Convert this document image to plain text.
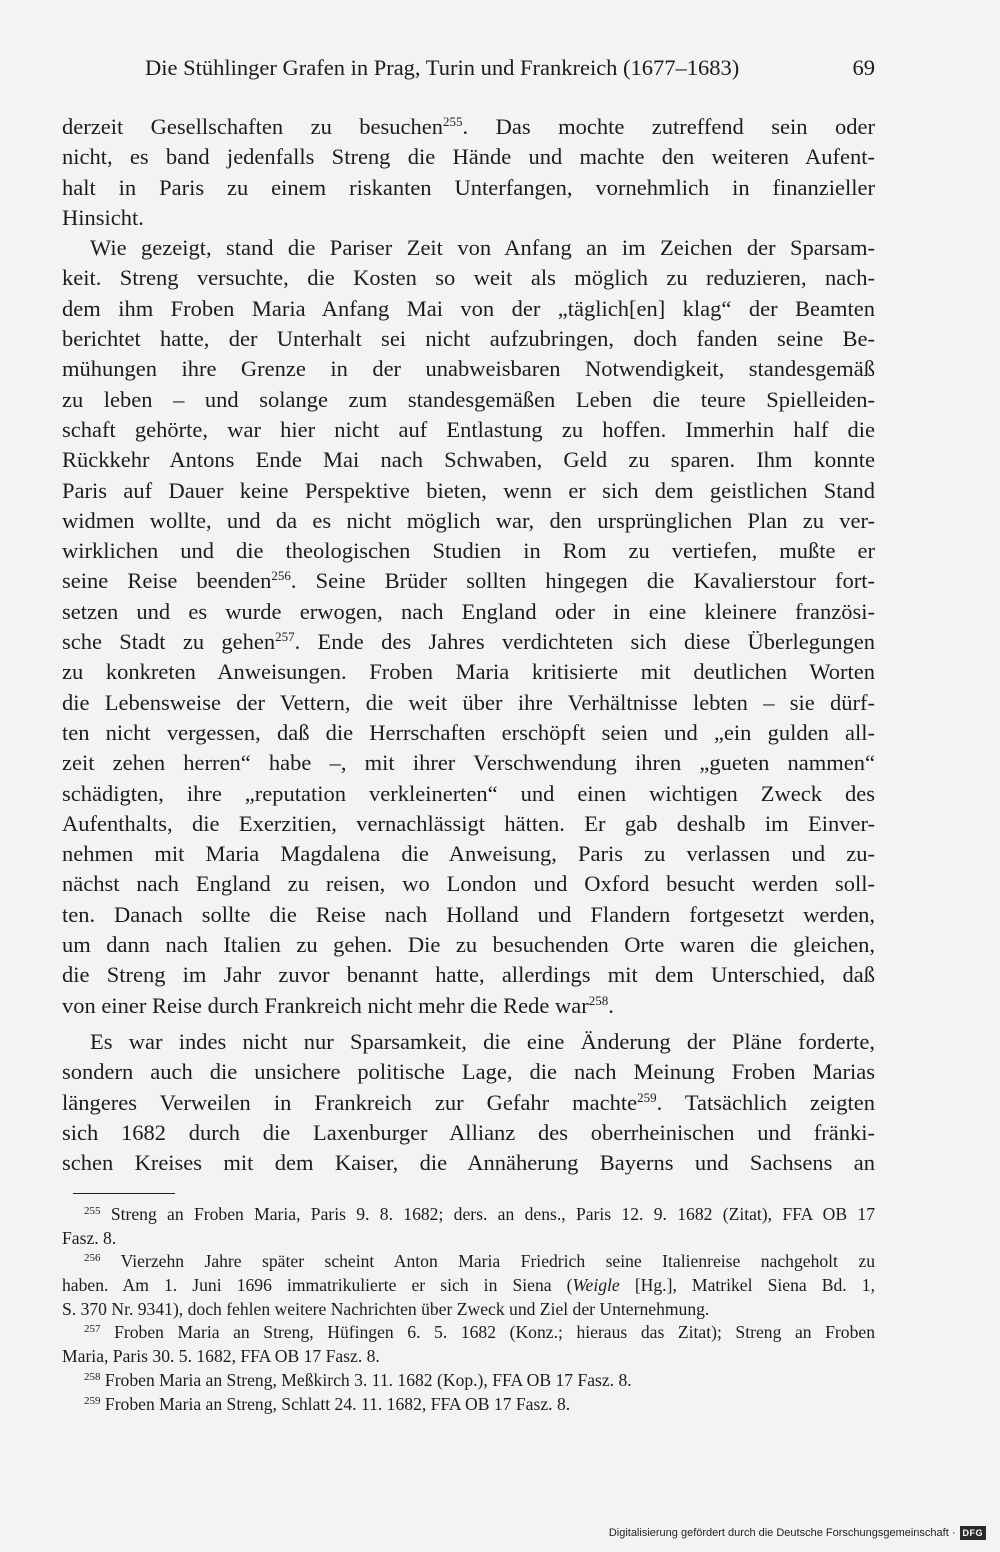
Die Stühlinger Grafen in Prag, Turin und Frankreich (1677–1683)	69
derzeit Gesellschaften zu besuchen$^{255}$. Das mochte zutreffend sein oder
nicht, es band jedenfalls Streng die Hände und machte den weiteren Aufent-
halt in Paris zu einem riskanten Unterfangen, vornehmlich in finanzieller
Hinsicht.
Wie gezeigt, stand die Pariser Zeit von Anfang an im Zeichen der Sparsam-
keit. Streng versuchte, die Kosten so weit als möglich zu reduzieren, nach-
dem ihm Froben Maria Anfang Mai von der „täglich[en] klag“ der Beamten
berichtet hatte, der Unterhalt sei nicht aufzubringen, doch fanden seine Be-
mühungen ihre Grenze in der unabweisbaren Notwendigkeit, standesgemäß
zu leben – und solange zum standesgemäßen Leben die teure Spielleiden-
schaft gehörte, war hier nicht auf Entlastung zu hoffen. Immerhin half die
Rückkehr Antons Ende Mai nach Schwaben, Geld zu sparen. Ihm konnte
Paris auf Dauer keine Perspektive bieten, wenn er sich dem geistlichen Stand
widmen wollte, und da es nicht möglich war, den ursprünglichen Plan zu ver-
wirklichen und die theologischen Studien in Rom zu vertiefen, mußte er
seine Reise beenden$^{256}$. Seine Brüder sollten hingegen die Kavalierstour fort-
setzen und es wurde erwogen, nach England oder in eine kleinere französi-
sche Stadt zu gehen$^{257}$. Ende des Jahres verdichteten sich diese Überlegungen
zu konkreten Anweisungen. Froben Maria kritisierte mit deutlichen Worten
die Lebensweise der Vettern, die weit über ihre Verhältnisse lebten – sie dürf-
ten nicht vergessen, daß die Herrschaften erschöpft seien und „ein gulden all-
zeit zehen herren“ habe –, mit ihrer Verschwendung ihren „gueten nammen“
schädigten, ihre „reputation verkleinerten“ und einen wichtigen Zweck des
Aufenthalts, die Exerzitien, vernachlässigt hätten. Er gab deshalb im Einver-
nehmen mit Maria Magdalena die Anweisung, Paris zu verlassen und zu-
nächst nach England zu reisen, wo London und Oxford besucht werden soll-
ten. Danach sollte die Reise nach Holland und Flandern fortgesetzt werden,
um dann nach Italien zu gehen. Die zu besuchenden Orte waren die gleichen,
die Streng im Jahr zuvor benannt hatte, allerdings mit dem Unterschied, daß
von einer Reise durch Frankreich nicht mehr die Rede war$^{258}$.
Es war indes nicht nur Sparsamkeit, die eine Änderung der Pläne forderte,
sondern auch die unsichere politische Lage, die nach Meinung Froben Marias
längeres Verweilen in Frankreich zur Gefahr machte$^{259}$. Tatsächlich zeigten
sich 1682 durch die Laxenburger Allianz des oberrheinischen und fränki-
schen Kreises mit dem Kaiser, die Annäherung Bayerns und Sachsens an
$^{255}$ Streng an Froben Maria, Paris 9. 8. 1682; ders. an dens., Paris 12. 9. 1682 (Zitat), FFA OB 17
Fasz. 8.
$^{256}$ Vierzehn Jahre später scheint Anton Maria Friedrich seine Italienreise nachgeholt zu
haben. Am 1. Juni 1696 immatrikulierte er sich in Siena (Weigle [Hg.], Matrikel Siena Bd. 1,
S. 370 Nr. 9341), doch fehlen weitere Nachrichten über Zweck und Ziel der Unternehmung.
$^{257}$ Froben Maria an Streng, Hüfingen 6. 5. 1682 (Konz.; hieraus das Zitat); Streng an Froben
Maria, Paris 30. 5. 1682, FFA OB 17 Fasz. 8.
$^{258}$ Froben Maria an Streng, Meßkirch 3. 11. 1682 (Kop.), FFA OB 17 Fasz. 8.
$^{259}$ Froben Maria an Streng, Schlatt 24. 11. 1682, FFA OB 17 Fasz. 8.
Digitalisierung gefördert durch die Deutsche Forschungsgemeinschaft · DFG
